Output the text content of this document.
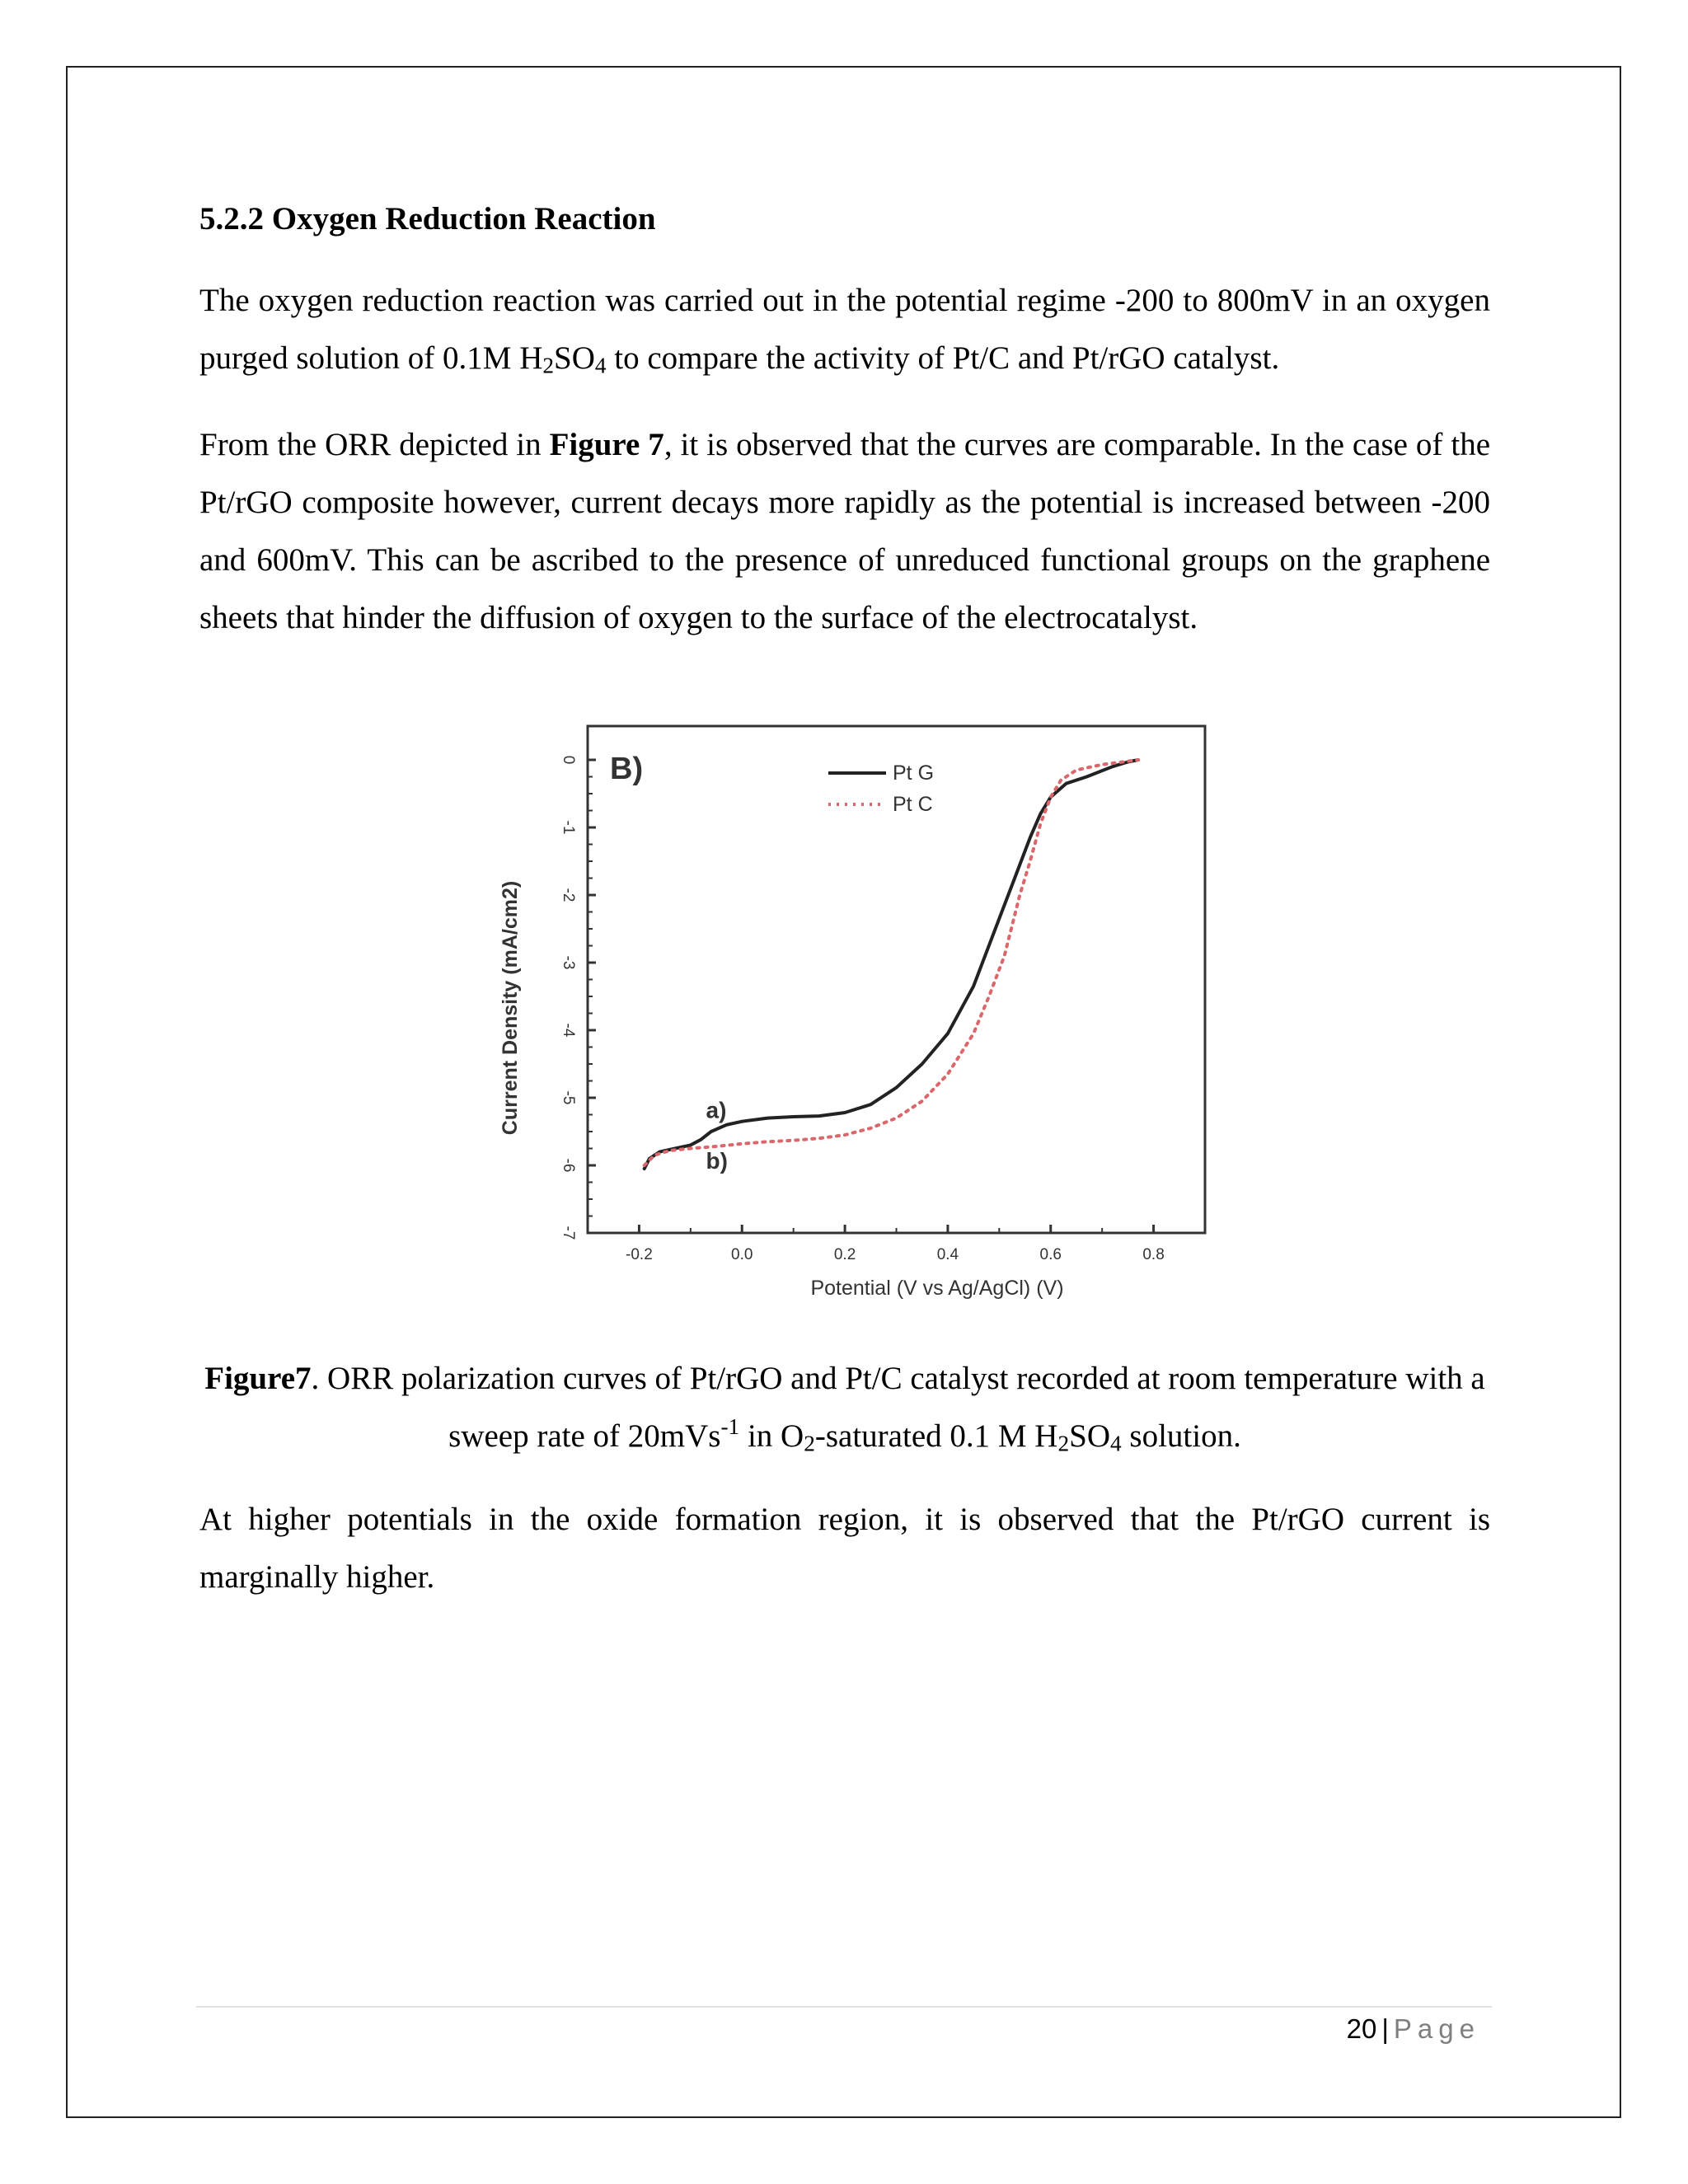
5.2.2 Oxygen Reduction Reaction

The oxygen reduction reaction was carried out in the potential regime -200 to 800mV in an oxygen purged solution of 0.1M $H_2SO_4$ to compare the activity of Pt/C and Pt/rGO catalyst.

From the ORR depicted in Figure 7, it is observed that the curves are comparable. In the case of the Pt/rGO composite however, current decays more rapidly as the potential is increased between -200 and 600mV. This can be ascribed to the presence of unreduced functional groups on the graphene sheets that hinder the diffusion of oxygen to the surface of the electrocatalyst.

-0.2	0.0	0.2	0.4	0.6	0.8
0
-1
-2
-3
-4
-5
-6
-7
Pt G
Pt C
B)
Potential (V vs Ag/AgCl) (V)
Current Density (mA/cm2)	a)
b)
Figure7. ORR polarization curves of Pt/rGO and Pt/C catalyst recorded at room temperature with a sweep rate of 20mVs$^{-1}$ in $O_2$-saturated 0.1 M $H_2SO_4$ solution.

At higher potentials in the oxide formation region, it is observed that the Pt/rGO current is marginally higher.

20 | Page
